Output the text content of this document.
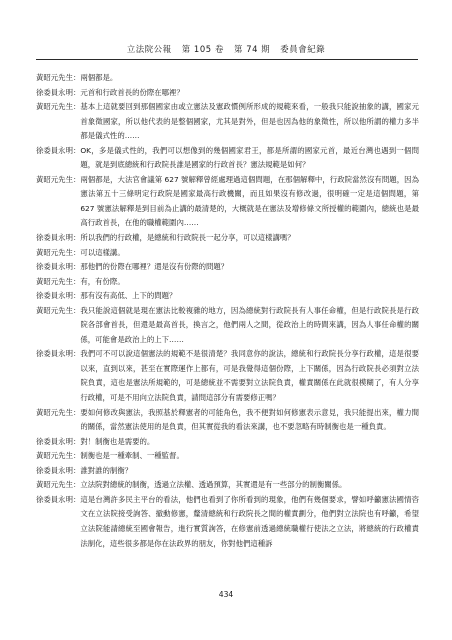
立法院公報 第 105 卷 第 74 期 委員會紀錄
黃昭元先生： 兩個都是。
徐委員永明： 元首和行政首長的份際在哪裡？
黃昭元先生： 基本上這就要回到那個國家由或立憲法及憲政慣例所形成的規範來看，一般我只能說抽象的講，國家元首象徵國家，所以他代表的是整個國家，尤其是對外，但是也因為他的象徵性，所以他所謂的權力多半都是儀式性的……
徐委員永明： OK，多是儀式性的，我們可以想像到的幾個國家君王，都是所謂的國家元首，最近台灣也遇到一個問題，就是到底總統和行政院長誰是國家的行政首長？憲法規範是如何？
黃昭元先生： 兩個都是，大法官會議第 627 號解釋曾經處理過這個問題，在那個解釋中，行政院當然沒有問題，因為憲法第五十三條明定行政院是國家最高行政機關，而且如果沒有修改過，很明確一定是這個問題，第 627 號憲法解釋是到目前為止講的最清楚的，大概就是在憲法及增修條文所授權的範圍內，總統也是最高行政首長，在他的職權範圍內……
徐委員永明： 所以我們的行政權，是總統和行政院長一起分享，可以這樣講嗎？
黃昭元先生： 可以這樣講。
徐委員永明： 那他們的份際在哪裡？還是沒有份際的問題？
黃昭元先生： 有，有份際。
徐委員永明： 那有沒有高低、上下的問題？
黃昭元先生： 我只能說這個就是現在憲法比較複雜的地方，因為總統對行政院長有人事任命權，但是行政院長是行政院各部會首長，但還是最高首長，換言之，他們兩人之間，從政治上的時間來講，因為人事任命權的關係，可能會是政治上的上下……
徐委員永明： 我們可不可以說這個憲法的規範不是很清楚？我同意你的說法，總統和行政院長分享行政權，這是很要以來，直到以來，甚至在實際運作上都有，可是我覺得這個份際，上下關係，因為行政院長必須對立法院負責，這也是憲法所規範的，可是總統並不需要對立法院負責，權責關係在此就很模糊了，有人分享行政權，可是不用向立法院負責，請問這部分有需要修正嗎？
黃昭元先生： 要如何修改與憲法，我照基於釋憲者的可能角色，我不便對如何修憲表示意見，我只能提出來，權力間的關係，當然憲法使用的是負責，但其實從我的看法來講，也不要忽略有時制衡也是一種負責。
徐委員永明： 對！制衡也是需要的。
黃昭元先生： 制衡也是一種牽制、一種監督。
徐委員永明： 誰對誰的制衡？
黃昭元先生： 立法院對總統的制衡，透過立法權、透過預算，其實還是有一些部分的制衡關係。
徐委員永明： 這是台灣許多民主平台的看法，他們也看到了你所看到的現象，他們有幾個要求，譬如呼籲憲法國情咨文在立法院接受詢答、撤動修憲，釐清總統和行政院長之間的權責劃分，他們對立法院也有呼籲，希望立法院能請總統至國會報告，進行實質詢答，在修憲前透過總統職權行使法之立法，將總統的行政權責法制化，這些很多都是你在法政界的朋友，你對他們這種訴
434
